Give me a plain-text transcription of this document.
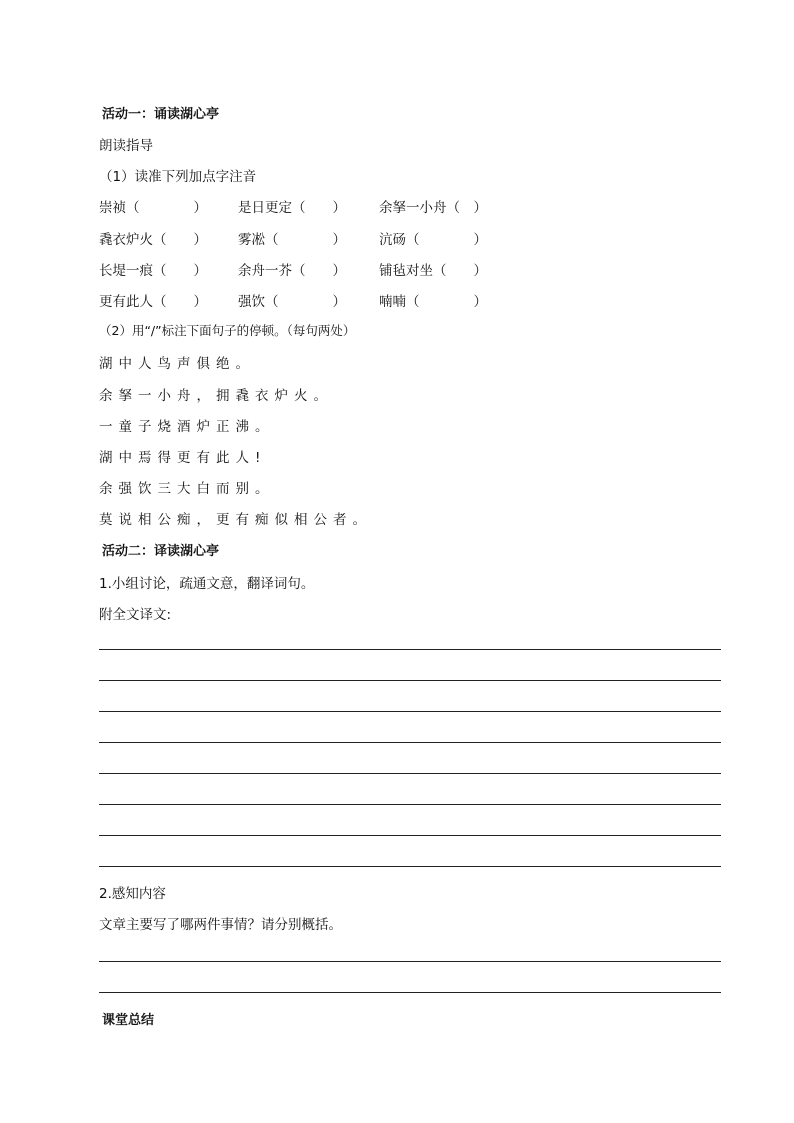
活动一：诵读湖心亭
朗读指导
（1）读准下列加点字注音
崇祯（　　　　） 是日更定（　　） 余拏一小舟（　）
毳衣炉火（　　） 雾凇（　　　　） 沆砀（　　　　）
长堤一痕（　　） 余舟一芥（　　） 铺毡对坐（　　）
更有此人（　　） 强饮（　　　　） 喃喃（　　　　）
（2）用“/”标注下面句子的停顿。（每句两处）
湖中人鸟声俱绝。
余拏一小舟，拥毳衣炉火。
一童子烧酒炉正沸。
湖中焉得更有此人!
余强饮三大白而别。
莫说相公痴，更有痴似相公者。
活动二：译读湖心亭
1.小组讨论，疏通文意，翻译词句。
附全文译文:
2.感知内容
文章主要写了哪两件事情？请分别概括。
课堂总结
